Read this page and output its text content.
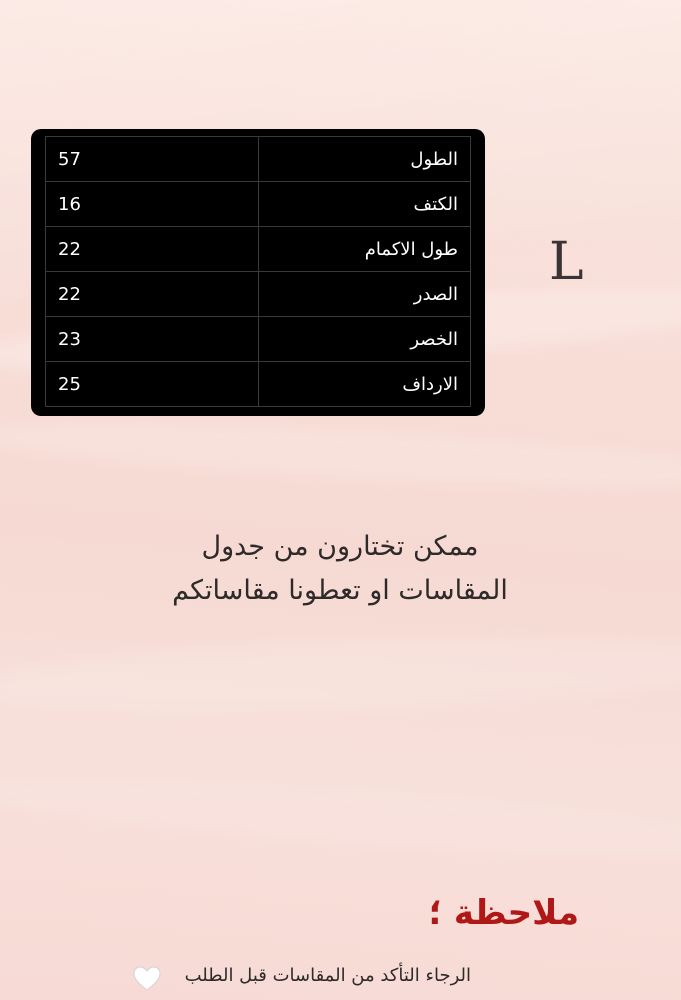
الطول	57
الكتف	16
طول الاكمام	22
الصدر	22
الخصر	23
الارداف	25
L
ممكن تختارون من جدول
المقاسات او تعطونا مقاساتكم
ملاحظة ؛
الرجاء التأكد من المقاسات قبل الطلب
